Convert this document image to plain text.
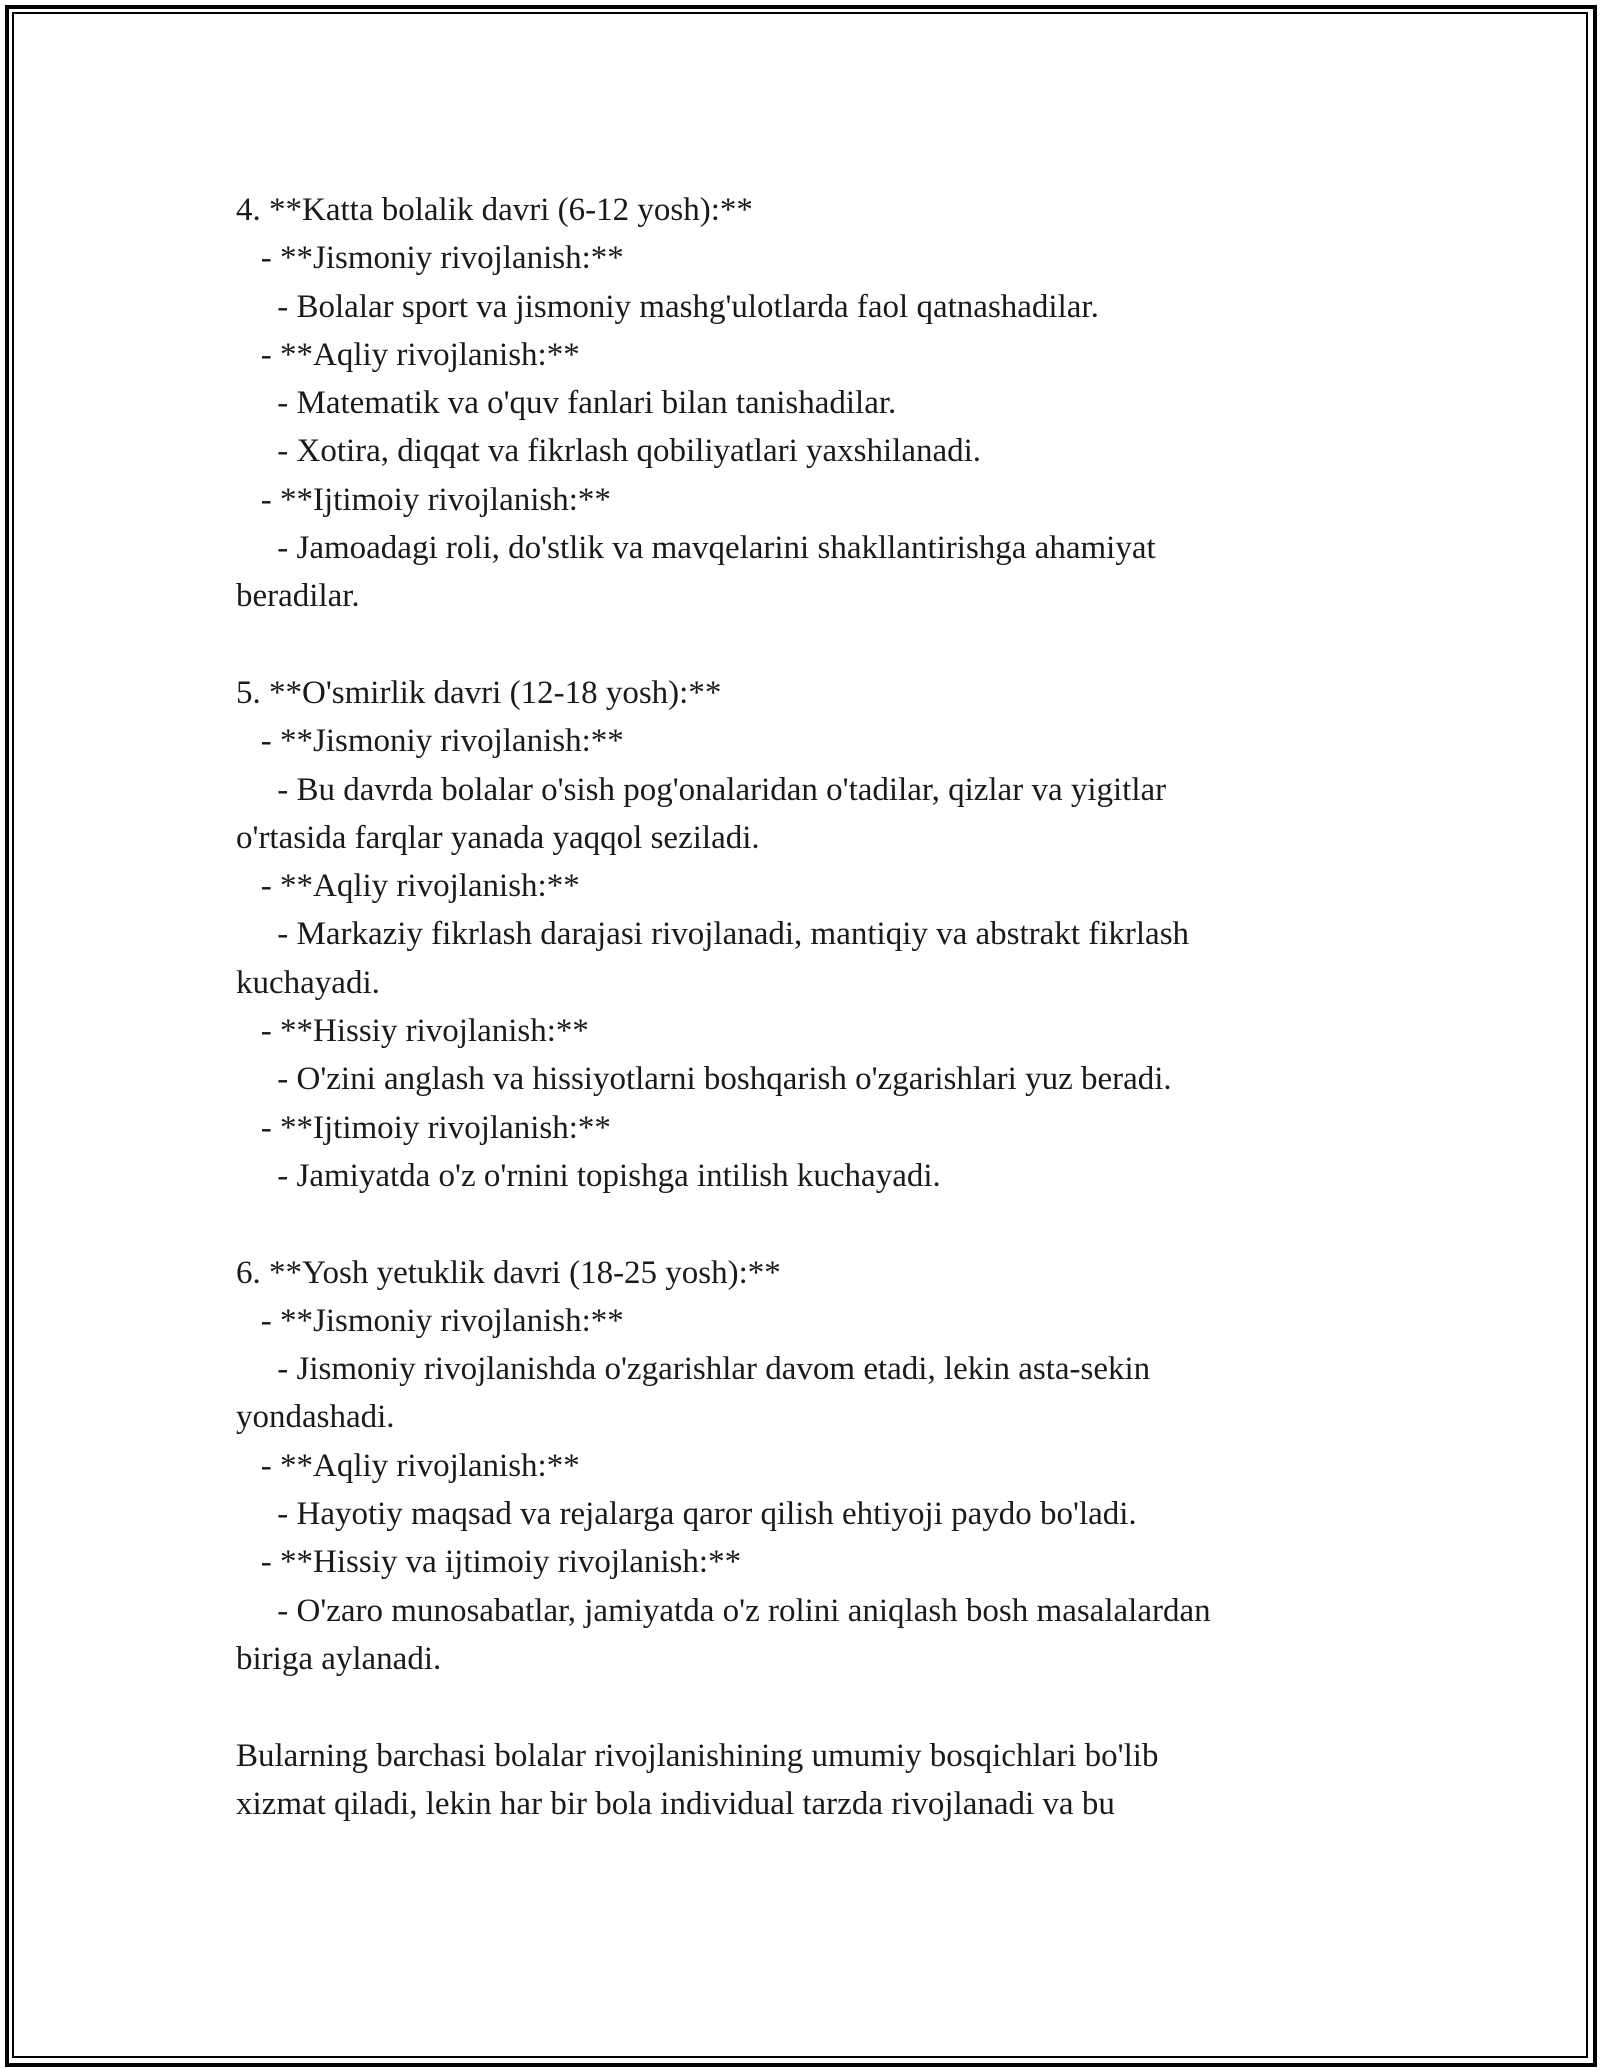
4. **Katta bolalik davri (6-12 yosh):**
- **Jismoniy rivojlanish:**
- Bolalar sport va jismoniy mashg'ulotlarda faol qatnashadilar.
- **Aqliy rivojlanish:**
- Matematik va o'quv fanlari bilan tanishadilar.
- Xotira, diqqat va fikrlash qobiliyatlari yaxshilanadi.
- **Ijtimoiy rivojlanish:**
- Jamoadagi roli, do'stlik va mavqelarini shakllantirishga ahamiyat
beradilar.
5. **O'smirlik davri (12-18 yosh):**
- **Jismoniy rivojlanish:**
- Bu davrda bolalar o'sish pog'onalaridan o'tadilar, qizlar va yigitlar
o'rtasida farqlar yanada yaqqol seziladi.
- **Aqliy rivojlanish:**
- Markaziy fikrlash darajasi rivojlanadi, mantiqiy va abstrakt fikrlash
kuchayadi.
- **Hissiy rivojlanish:**
- O'zini anglash va hissiyotlarni boshqarish o'zgarishlari yuz beradi.
- **Ijtimoiy rivojlanish:**
- Jamiyatda o'z o'rnini topishga intilish kuchayadi.
6. **Yosh yetuklik davri (18-25 yosh):**
- **Jismoniy rivojlanish:**
- Jismoniy rivojlanishda o'zgarishlar davom etadi, lekin asta-sekin
yondashadi.
- **Aqliy rivojlanish:**
- Hayotiy maqsad va rejalarga qaror qilish ehtiyoji paydo bo'ladi.
- **Hissiy va ijtimoiy rivojlanish:**
- O'zaro munosabatlar, jamiyatda o'z rolini aniqlash bosh masalalardan
biriga aylanadi.
Bularning barchasi bolalar rivojlanishining umumiy bosqichlari bo'lib
xizmat qiladi, lekin har bir bola individual tarzda rivojlanadi va bu
